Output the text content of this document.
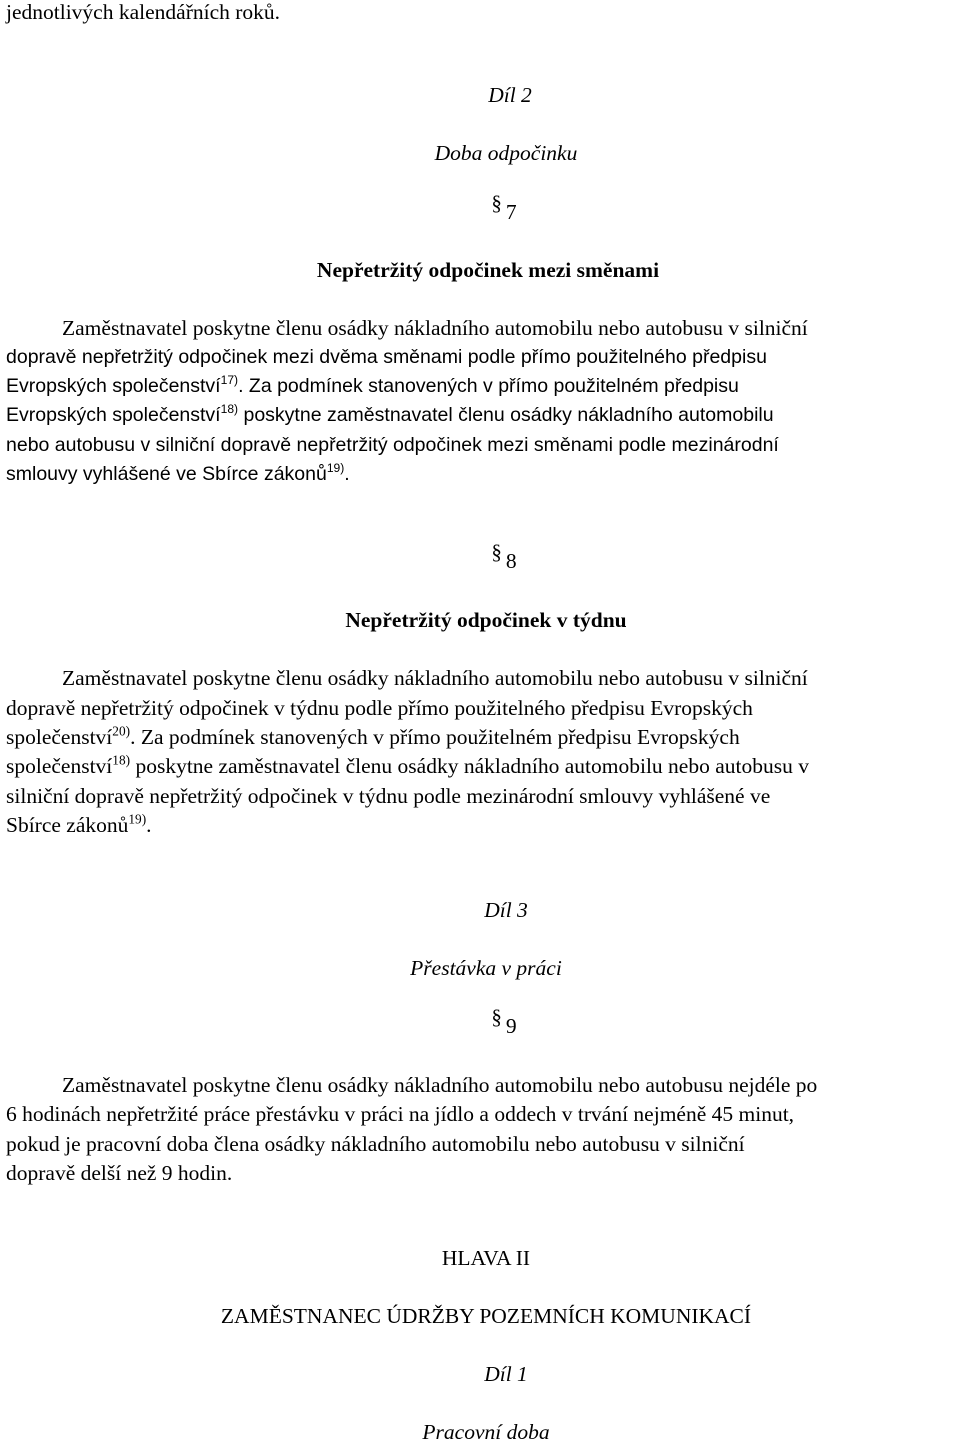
jednotlivých kalendářních roků.
Díl 2
Doba odpočinku
§ 7
Nepřetržitý odpočinek mezi směnami
Zaměstnavatel poskytne členu osádky nákladního automobilu nebo autobusu v silniční
dopravě nepřetržitý odpočinek mezi dvěma směnami podle přímo použitelného předpisu
Evropských společenství$^{17)}$. Za podmínek stanovených v přímo použitelném předpisu
Evropských společenství$^{18)}$ poskytne zaměstnavatel členu osádky nákladního automobilu
nebo autobusu v silniční dopravě nepřetržitý odpočinek mezi směnami podle mezinárodní
smlouvy vyhlášené ve Sbírce zákonů$^{19)}$.
§ 8
Nepřetržitý odpočinek v týdnu
Zaměstnavatel poskytne členu osádky nákladního automobilu nebo autobusu v silniční
dopravě nepřetržitý odpočinek v týdnu podle přímo použitelného předpisu Evropských
společenství$^{20)}$. Za podmínek stanovených v přímo použitelném předpisu Evropských
společenství$^{18)}$ poskytne zaměstnavatel členu osádky nákladního automobilu nebo autobusu v
silniční dopravě nepřetržitý odpočinek v týdnu podle mezinárodní smlouvy vyhlášené ve
Sbírce zákonů$^{19)}$.
Díl 3
Přestávka v práci
§ 9
Zaměstnavatel poskytne členu osádky nákladního automobilu nebo autobusu nejdéle po
6 hodinách nepřetržité práce přestávku v práci na jídlo a oddech v trvání nejméně 45 minut,
pokud je pracovní doba člena osádky nákladního automobilu nebo autobusu v silniční
dopravě delší než 9 hodin.
HLAVA II
ZAMĚSTNANEC ÚDRŽBY POZEMNÍCH KOMUNIKACÍ
Díl 1
Pracovní doba
